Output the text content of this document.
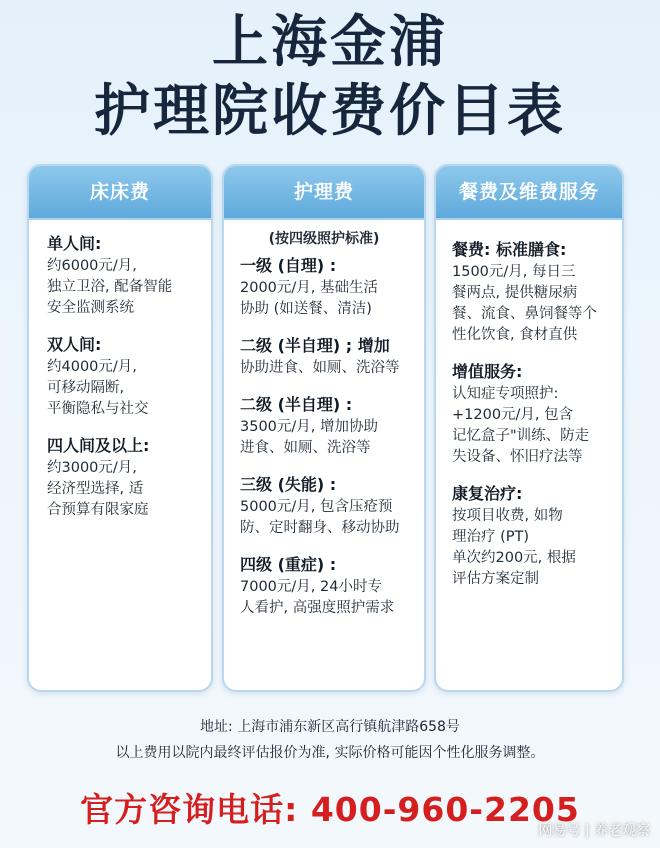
上海金浦
护理院收费价目表
床床费
单人间:
约6000元/月,
独立卫浴, 配备智能
安全监测系统
双人间:
约4000元/月,
可移动隔断,
平衡隐私与社交
四人间及以上:
约3000元/月,
经济型选择, 适
合预算有限家庭
护理费
(按四级照护标准)
一级 (自理) :
2000元/月, 基础生活
协助 (如送餐、清洁)
二级 (半自理) ; 增加
协助进食、如厕、洗浴等
二级 (半自理) :
3500元/月, 增加协助
进食、如厕、洗浴等
三级 (失能) :
5000元/月, 包含压疮预
防、定时翻身、移动协助
四级 (重症) :
7000元/月, 24小时专
人看护, 高强度照护需求
餐费及维费服务
餐费: 标准膳食:
1500元/月, 每日三
餐两点, 提供糖尿病
餐、流食、鼻饲餐等个
性化饮食, 食材直供
增值服务:
认知症专项照护:
+1200元/月, 包含
记忆盒子"训练、防走
失设备、怀旧疗法等
康复治疗:
按项目收费, 如物
理治疗 (PT)
单次约200元, 根据
评估方案定制
地址: 上海市浦东新区高行镇航津路658号
以上费用以院内最终评估报价为准, 实际价格可能因个性化服务调整。
官方咨询电话: 400-960-2205
网易号 | 养老观察
